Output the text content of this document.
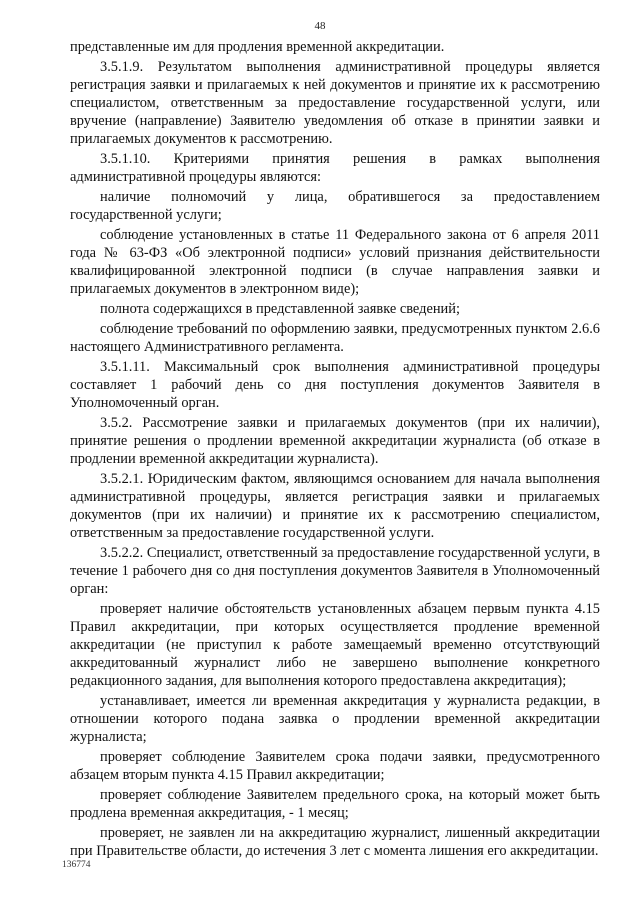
48

представленные им для продления временной аккредитации.

3.5.1.9. Результатом выполнения административной процедуры является регистрация заявки и прилагаемых к ней документов и принятие их к рассмотрению специалистом, ответственным за предоставление государственной услуги, или вручение (направление) Заявителю уведомления об отказе в принятии заявки и прилагаемых документов к рассмотрению.

3.5.1.10. Критериями принятия решения в рамках выполнения административной процедуры являются:

наличие полномочий у лица, обратившегося за предоставлением государственной услуги;

соблюдение установленных в статье 11 Федерального закона от 6 апреля 2011 года № 63-ФЗ «Об электронной подписи» условий признания действительности квалифицированной электронной подписи (в случае направления заявки и прилагаемых документов в электронном виде);

полнота содержащихся в представленной заявке сведений;

соблюдение требований по оформлению заявки, предусмотренных пунктом 2.6.6 настоящего Административного регламента.

3.5.1.11. Максимальный срок выполнения административной процедуры составляет 1 рабочий день со дня поступления документов Заявителя в Уполномоченный орган.

3.5.2. Рассмотрение заявки и прилагаемых документов (при их наличии), принятие решения о продлении временной аккредитации журналиста (об отказе в продлении временной аккредитации журналиста).

3.5.2.1. Юридическим фактом, являющимся основанием для начала выполнения административной процедуры, является регистрация заявки и прилагаемых документов (при их наличии) и принятие их к рассмотрению специалистом, ответственным за предоставление государственной услуги.

3.5.2.2. Специалист, ответственный за предоставление государственной услуги, в течение 1 рабочего дня со дня поступления документов Заявителя в Уполномоченный орган:

проверяет наличие обстоятельств установленных абзацем первым пункта 4.15 Правил аккредитации, при которых осуществляется продление временной аккредитации (не приступил к работе замещаемый временно отсутствующий аккредитованный журналист либо не завершено выполнение конкретного редакционного задания, для выполнения которого предоставлена аккредитация);

устанавливает, имеется ли временная аккредитация у журналиста редакции, в отношении которого подана заявка о продлении временной аккредитации журналиста;

проверяет соблюдение Заявителем срока подачи заявки, предусмотренного абзацем вторым пункта 4.15 Правил аккредитации;

проверяет соблюдение Заявителем предельного срока, на который может быть продлена временная аккредитация, - 1 месяц;

проверяет, не заявлен ли на аккредитацию журналист, лишенный аккредитации при Правительстве области, до истечения 3 лет с момента лишения его аккредитации.

136774
